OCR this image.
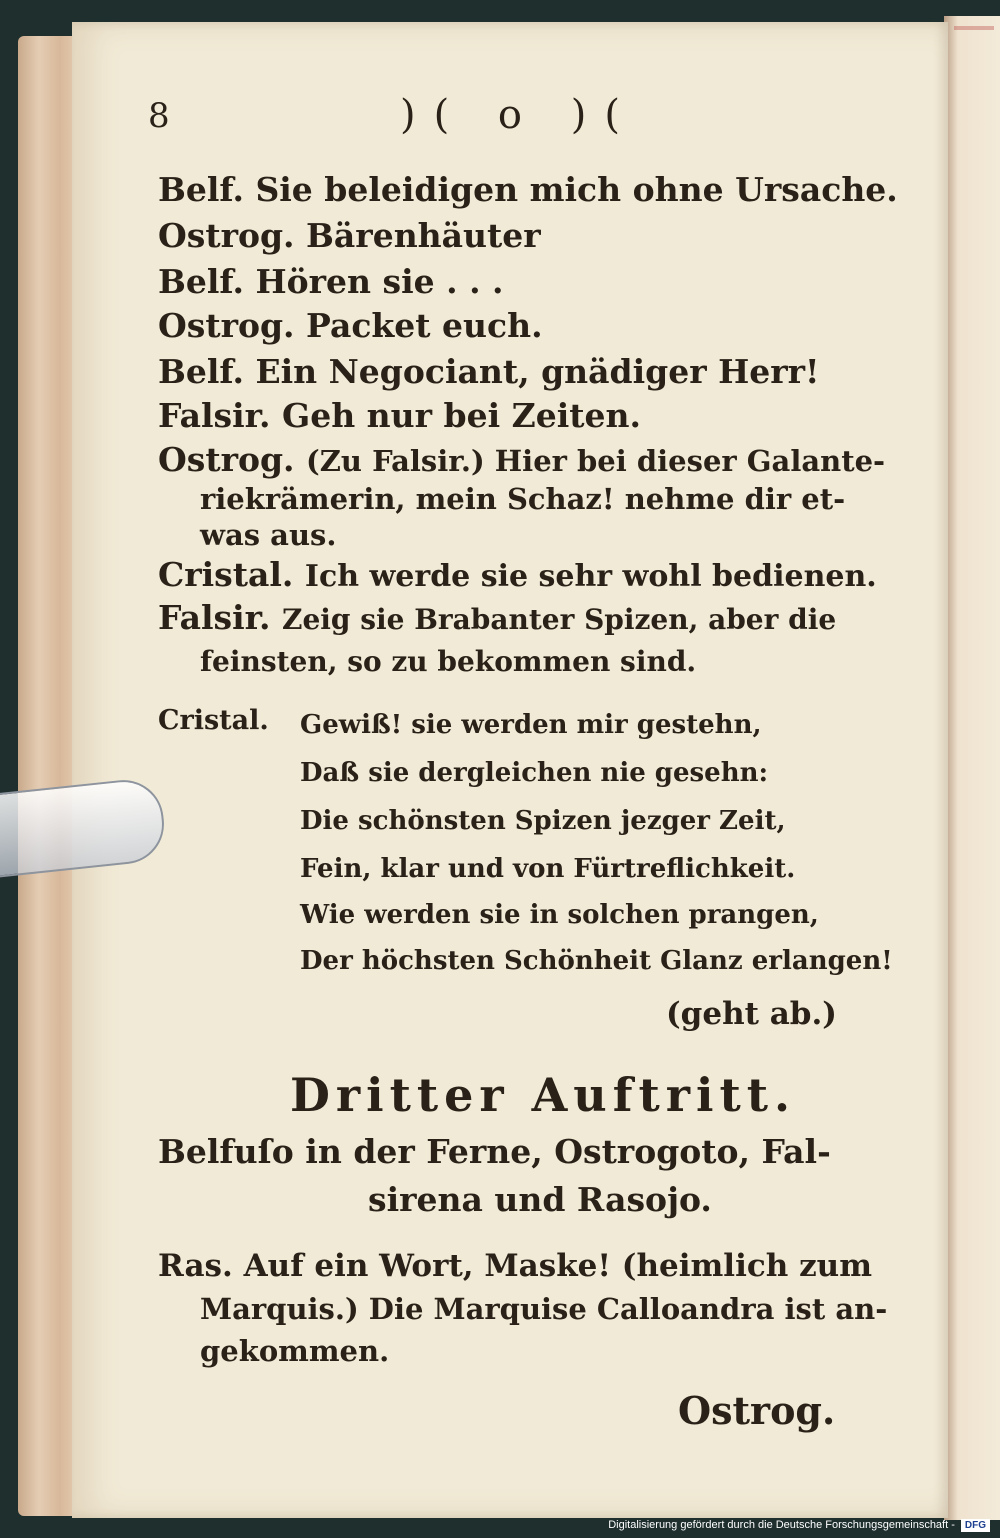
8	)( o )(
Belf. Sie beleidigen mich ohne Ursache.
Ostrog. Bärenhäuter
Belf. Hören sie . . .
Ostrog. Packet euch.
Belf. Ein Negociant, gnädiger Herr!
Falsir. Geh nur bei Zeiten.
Ostrog. (Zu Falsir.) Hier bei dieser Galante-
riekrämerin, mein Schaz! nehme dir et-
was aus.
Cristal. Ich werde sie sehr wohl bedienen.
Falsir. Zeig sie Brabanter Spizen, aber die
feinsten, so zu bekommen sind.
Cristal. Gewiß! sie werden mir gestehn,
Daß sie dergleichen nie gesehn:
Die schönsten Spizen jezger Zeit,
Fein, klar und von Fürtreflichkeit.
Wie werden sie in solchen prangen,
Der höchsten Schönheit Glanz erlangen!
(geht ab.)
Dritter Auftritt.
Belfuſo in der Ferne, Ostrogoto, Fal-
sirena und Rasojo.
Ras. Auf ein Wort, Maske! (heimlich zum
Marquis.) Die Marquise Calloandra ist an-
gekommen.
Ostrog.
Digitalisierung gefördert durch die Deutsche Forschungsgemeinschaft -	DFG
